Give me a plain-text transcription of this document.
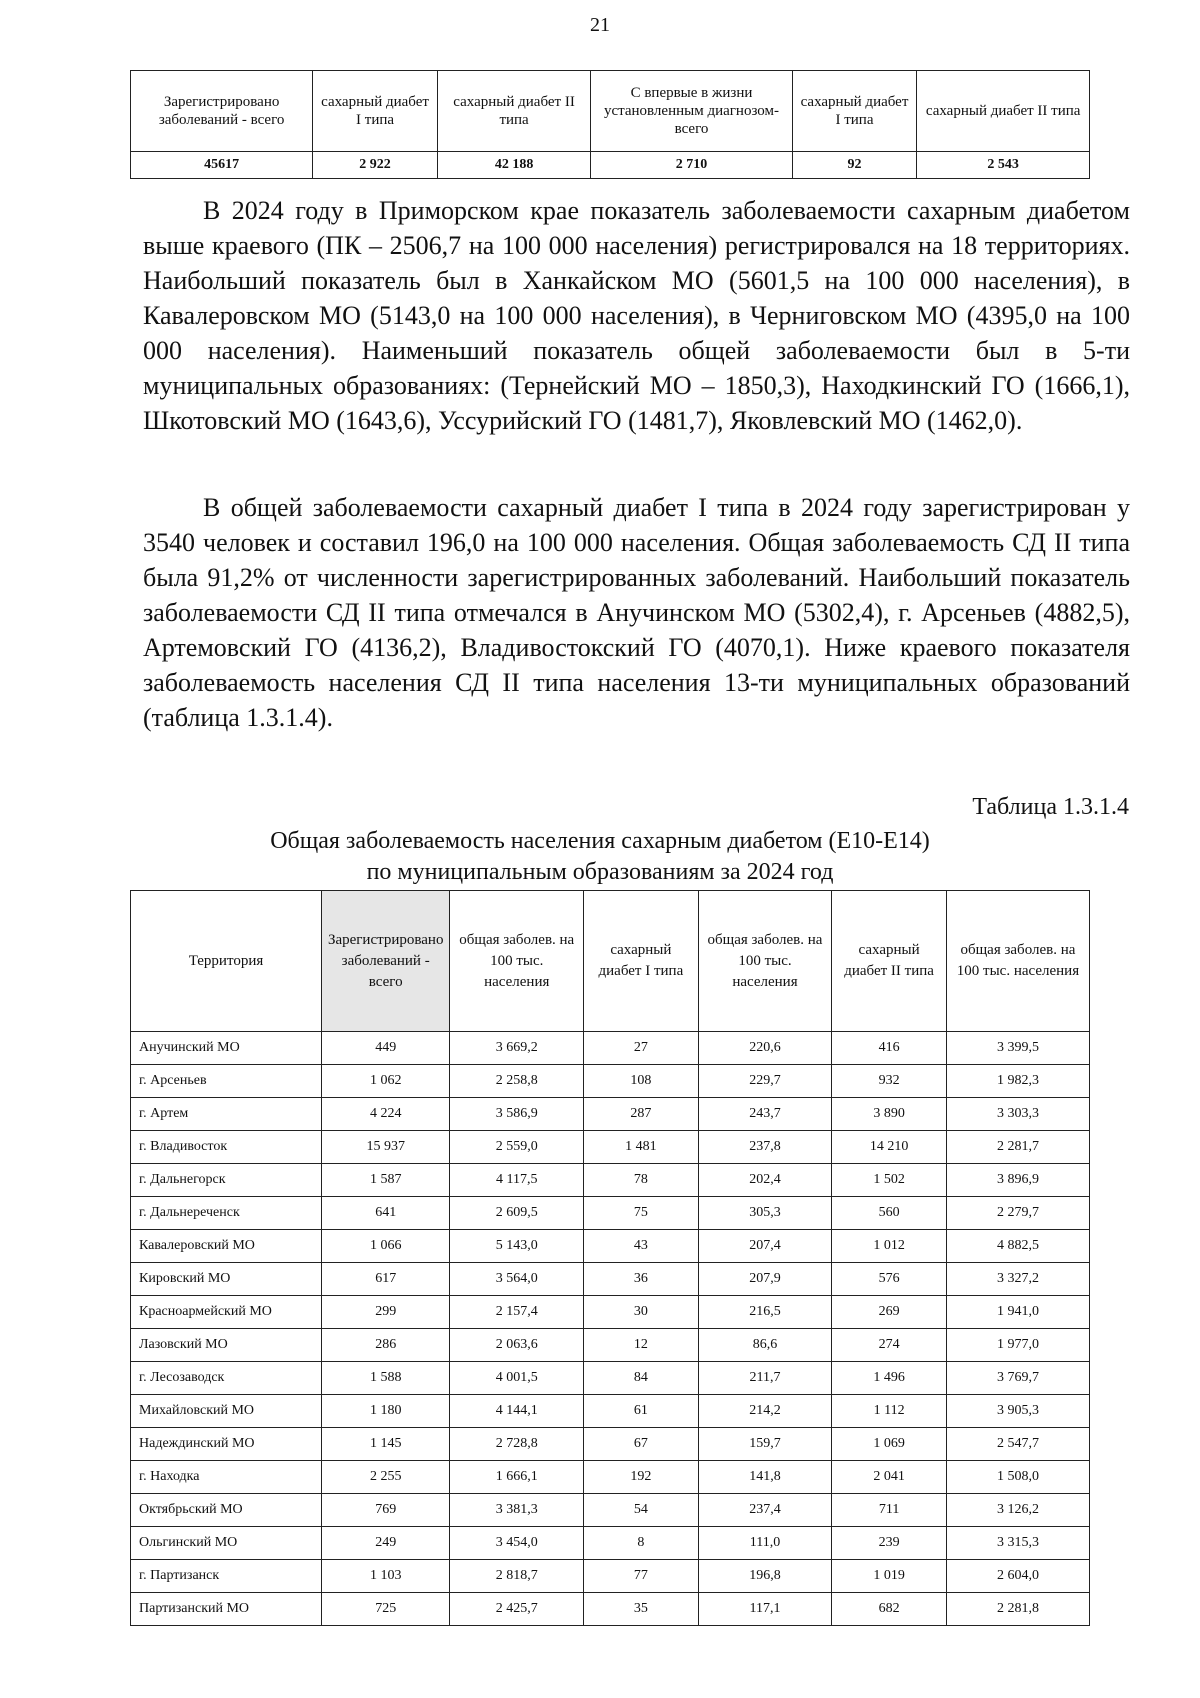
21
Зарегистрировано заболеваний - всего	сахарный диабет I типа	сахарный диабет II типа	С впервые в жизни установленным диагнозом- всего	сахарный диабет I типа	сахарный диабет II типа
45617	2 922	42 188	2 710	92	2 543

В 2024 году в Приморском крае показатель заболеваемости сахарным диабетом выше краевого (ПК – 2506,7 на 100 000 населения) регистрировался на 18 территориях. Наибольший показатель был в Ханкайском МО (5601,5 на 100 000 населения), в Кавалеровском МО (5143,0 на 100 000 населения), в Черниговском МО (4395,0 на 100 000 населения). Наименьший показатель общей заболеваемости был в 5-ти муниципальных образованиях: (Тернейский МО – 1850,3), Находкинский ГО (1666,1), Шкотовский МО (1643,6), Уссурийский ГО (1481,7), Яковлевский МО (1462,0).

В общей заболеваемости сахарный диабет I типа в 2024 году зарегистрирован у 3540 человек и составил 196,0 на 100 000 населения. Общая заболеваемость СД II типа была 91,2% от численности зарегистрированных заболеваний. Наибольший показатель заболеваемости СД II типа отмечался в Анучинском МО (5302,4), г. Арсеньев (4882,5), Артемовский ГО (4136,2), Владивостокский ГО (4070,1). Ниже краевого показателя заболеваемость населения СД II типа населения 13-ти муниципальных образований (таблица 1.3.1.4).

Таблица 1.3.1.4
Общая заболеваемость населения сахарным диабетом (Е10-Е14)
по муниципальным образованиям за 2024 год
Территория	Зарегистрировано заболеваний - всего	общая заболев. на 100 тыс. населения	сахарный диабет I типа	общая заболев. на 100 тыс. населения	сахарный диабет II типа	общая заболев. на 100 тыс. населения
Анучинский МО	449	3 669,2	27	220,6	416	3 399,5
г. Арсеньев	1 062	2 258,8	108	229,7	932	1 982,3
г. Артем	4 224	3 586,9	287	243,7	3 890	3 303,3
г. Владивосток	15 937	2 559,0	1 481	237,8	14 210	2 281,7
г. Дальнегорск	1 587	4 117,5	78	202,4	1 502	3 896,9
г. Дальнереченск	641	2 609,5	75	305,3	560	2 279,7
Кавалеровский МО	1 066	5 143,0	43	207,4	1 012	4 882,5
Кировский МО	617	3 564,0	36	207,9	576	3 327,2
Красноармейский МО	299	2 157,4	30	216,5	269	1 941,0
Лазовский МО	286	2 063,6	12	86,6	274	1 977,0
г. Лесозаводск	1 588	4 001,5	84	211,7	1 496	3 769,7
Михайловский МО	1 180	4 144,1	61	214,2	1 112	3 905,3
Надеждинский МО	1 145	2 728,8	67	159,7	1 069	2 547,7
г. Находка	2 255	1 666,1	192	141,8	2 041	1 508,0
Октябрьский МО	769	3 381,3	54	237,4	711	3 126,2
Ольгинский МО	249	3 454,0	8	111,0	239	3 315,3
г. Партизанск	1 103	2 818,7	77	196,8	1 019	2 604,0
Партизанский МО	725	2 425,7	35	117,1	682	2 281,8
